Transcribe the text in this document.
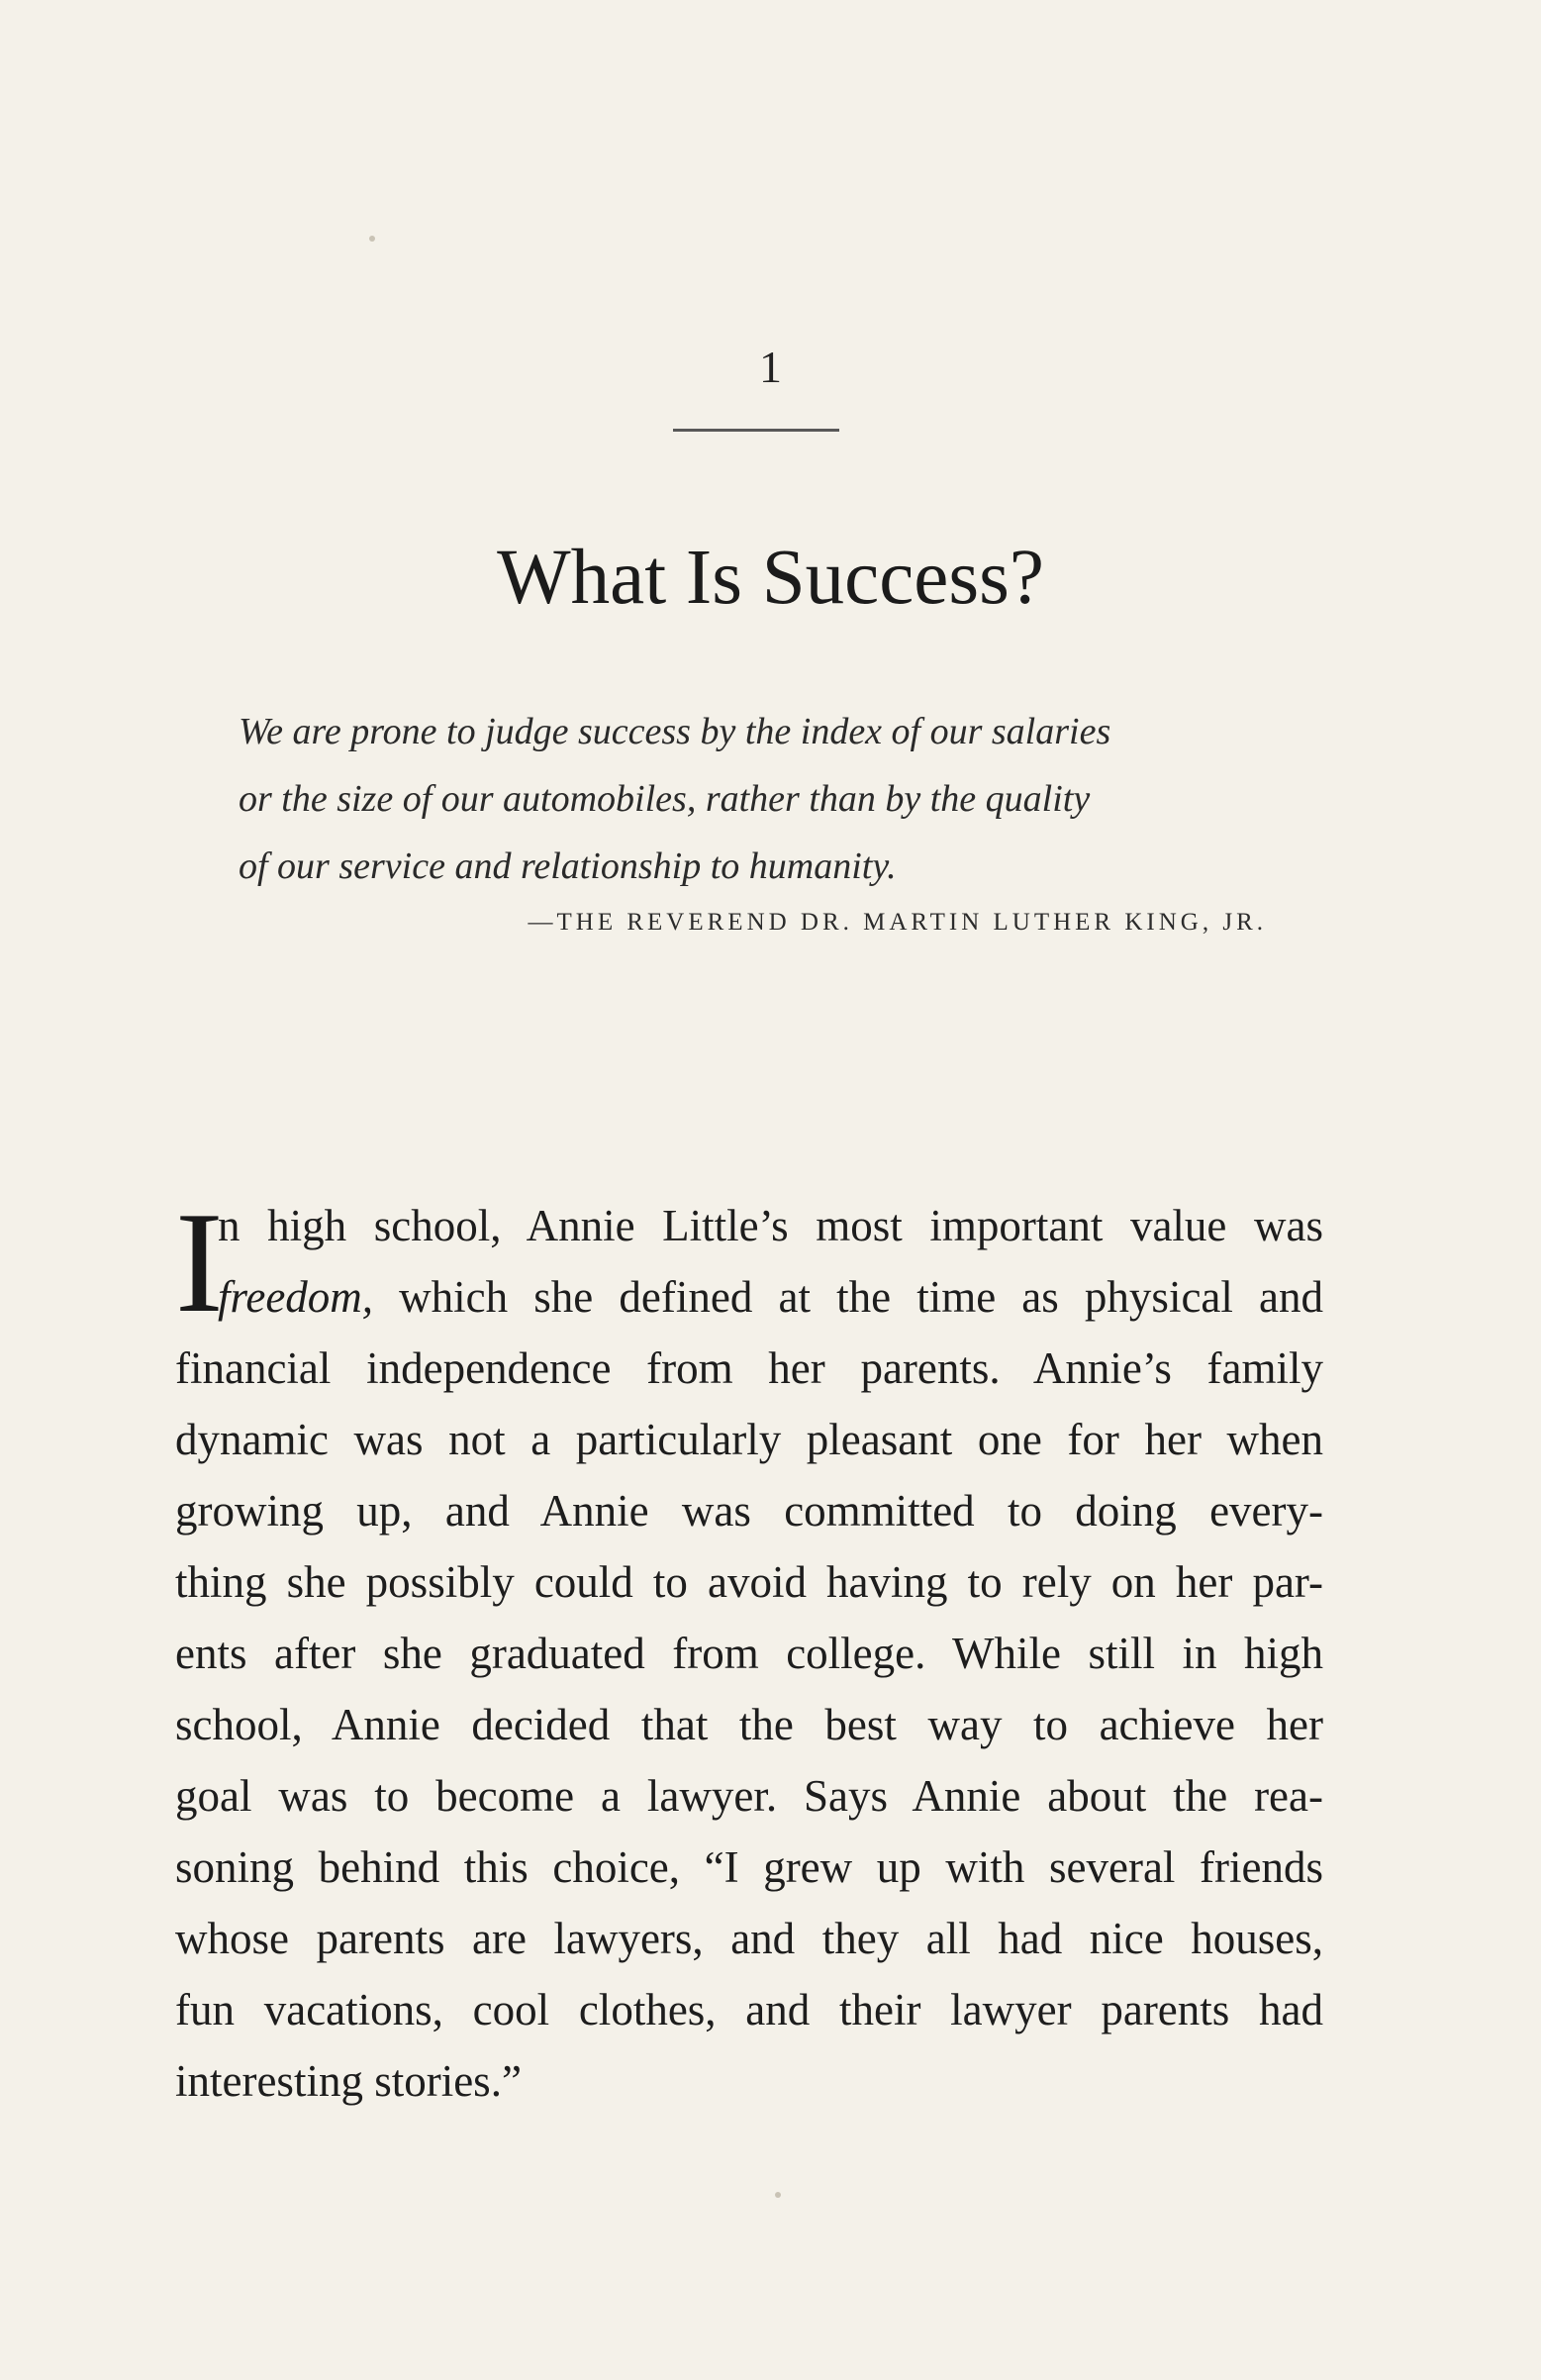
1
What Is Success?
We are prone to judge success by the index of our salaries
or the size of our automobiles, rather than by the quality
of our service and relationship to humanity.
—THE REVEREND DR. MARTIN LUTHER KING, JR.
I
n high school, Annie Little’s most important value was
freedom, which she defined at the time as physical and
financial independence from her parents. Annie’s family
dynamic was not a particularly pleasant one for her when
growing up, and Annie was committed to doing every-
thing she possibly could to avoid having to rely on her par-
ents after she graduated from college. While still in high
school, Annie decided that the best way to achieve her
goal was to become a lawyer. Says Annie about the rea-
soning behind this choice, “I grew up with several friends
whose parents are lawyers, and they all had nice houses,
fun vacations, cool clothes, and their lawyer parents had
interesting stories.”
